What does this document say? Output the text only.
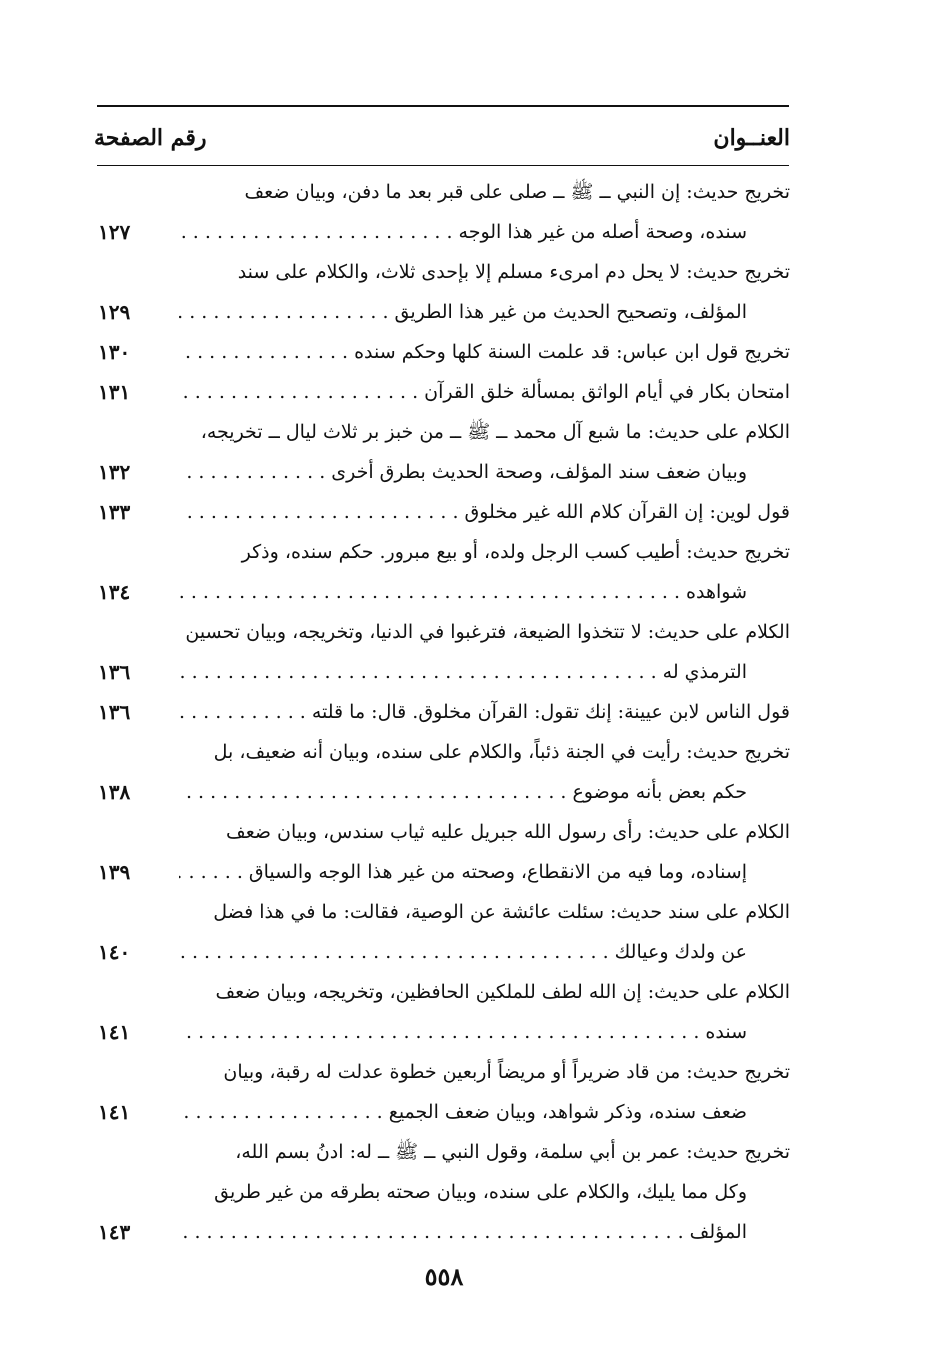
العنــوان
رقم الصفحة
تخريج حديث: إن النبي ــ ﷺ ــ صلى على قبر بعد ما دفن، وبيان ضعف
سنده، وصحة أصله من غير هذا الوجه . . .
١٢٧
تخريج حديث: لا يحل دم امرىء مسلم إلا بإحدى ثلاث، والكلام على سند
المؤلف، وتصحيح الحديث من غير هذا الطريق . . .
١٢٩
تخريج قول ابن عباس: قد علمت السنة كلها وحكم سنده . . .
١٣٠
امتحان بكار في أيام الواثق بمسألة خلق القرآن . . .
١٣١
الكلام على حديث: ما شبع آل محمد ــ ﷺ ــ من خبز بر ثلاث ليال ــ تخريجه،
وبيان ضعف سند المؤلف، وصحة الحديث بطرق أخرى . . .
١٣٢
قول لوين: إن القرآن كلام الله غير مخلوق . . .
١٣٣
تخريج حديث: أطيب كسب الرجل ولده، أو بيع مبرور. حكم سنده، وذكر
شواهده . . .
١٣٤
الكلام على حديث: لا تتخذوا الضيعة، فترغبوا في الدنيا، وتخريجه، وبيان تحسين
الترمذي له . . .
١٣٦
قول الناس لابن عيينة: إنك تقول: القرآن مخلوق. قال: ما قلته . . .
١٣٦
تخريج حديث: رأيت في الجنة ذئباً، والكلام على سنده، وبيان أنه ضعيف، بل
حكم بعض بأنه موضوع . . .
١٣٨
الكلام على حديث: رأى رسول الله جبريل عليه ثياب سندس، وبيان ضعف
إسناده، وما فيه من الانقطاع، وصحته من غير هذا الوجه والسياق . . .
١٣٩
الكلام على سند حديث: سئلت عائشة عن الوصية، فقالت: ما في هذا فضل
عن ولدك وعيالك . . .
١٤٠
الكلام على حديث: إن الله لطف للملكين الحافظين، وتخريجه، وبيان ضعف
سنده . . .
١٤١
تخريج حديث: من قاد ضريراً أو مريضاً أربعين خطوة عدلت له رقبة، وبيان
ضعف سنده، وذكر شواهد، وبيان ضعف الجميع . . .
١٤١
تخريج حديث: عمر بن أبي سلمة، وقول النبي ــ ﷺ ــ له: ادنُ بسم الله،
وكل مما يليك، والكلام على سنده، وبيان صحته بطرقه من غير طريق
المؤلف . . .
١٤٣
٥٥٨
